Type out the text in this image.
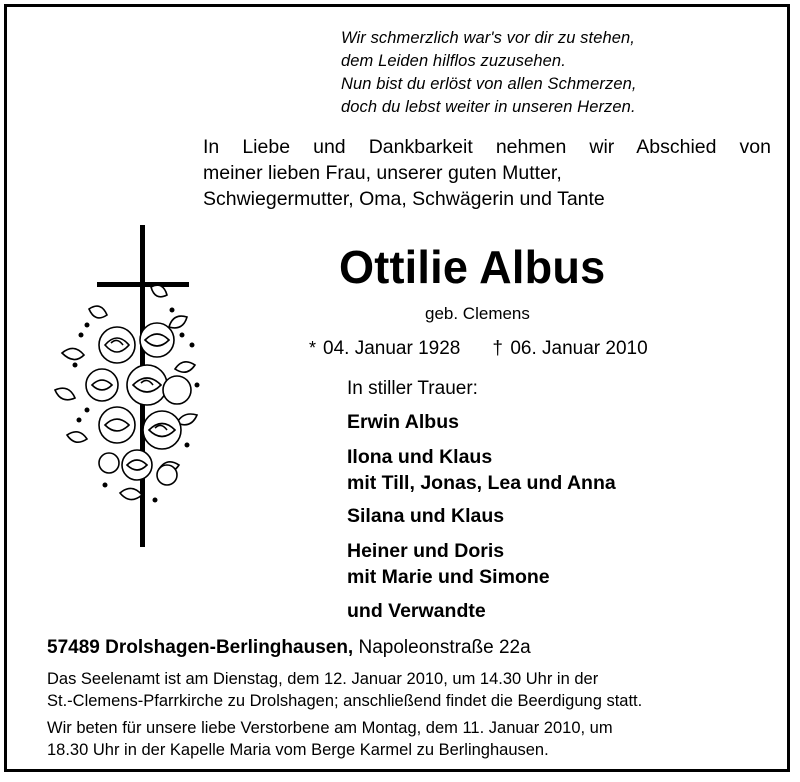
Wir schmerzlich war's vor dir zu stehen,
dem Leiden hilflos zuzusehen.
Nun bist du erlöst von allen Schmerzen,
doch du lebst weiter in unseren Herzen.
In Liebe und Dankbarkeit nehmen wir Abschied von
meiner lieben Frau, unserer guten Mutter,
Schwiegermutter, Oma, Schwägerin und Tante
Ottilie Albus
geb. Clemens
* 04. Januar 1928 † 06. Januar 2010
In stiller Trauer:
Erwin Albus
Ilona und Klaus
mit Till, Jonas, Lea und Anna
Silana und Klaus
Heiner und Doris
mit Marie und Simone
und Verwandte
57489 Drolshagen-Berlinghausen, Napoleonstraße 22a
Das Seelenamt ist am Dienstag, dem 12. Januar 2010, um 14.30 Uhr in der
St.-Clemens-Pfarrkirche zu Drolshagen; anschließend findet die Beerdigung statt.
Wir beten für unsere liebe Verstorbene am Montag, dem 11. Januar 2010, um
18.30 Uhr in der Kapelle Maria vom Berge Karmel zu Berlinghausen.
